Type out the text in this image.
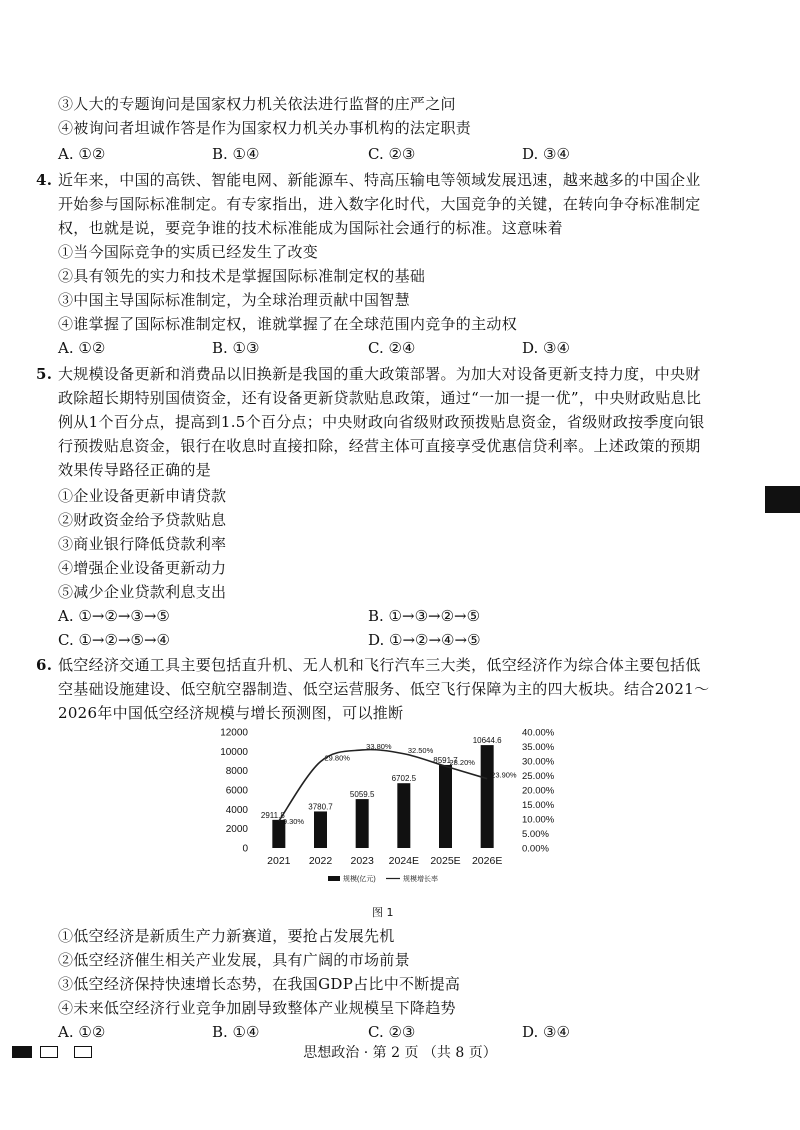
③人大的专题询问是国家权力机关依法进行监督的庄严之问
④被询问者坦诚作答是作为国家权力机关办事机构的法定职责
A. ①②	B. ①④	C. ②③	D. ③④
4. 近年来，中国的高铁、智能电网、新能源车、特高压输电等领域发展迅速，越来越多的中国企业
开始参与国际标准制定。有专家指出，进入数字化时代，大国竞争的关键，在转向争夺标准制定
权，也就是说，要竞争谁的技术标准能成为国际社会通行的标准。这意味着
①当今国际竞争的实质已经发生了改变
②具有领先的实力和技术是掌握国际标准制定权的基础
③中国主导国际标准制定，为全球治理贡献中国智慧
④谁掌握了国际标准制定权，谁就掌握了在全球范围内竞争的主动权
A. ①②	B. ①③	C. ②④	D. ③④
5. 大规模设备更新和消费品以旧换新是我国的重大政策部署。为加大对设备更新支持力度，中央财
政除超长期特别国债资金，还有设备更新贷款贴息政策，通过“一加一提一优”，中央财政贴息比
例从1个百分点，提高到1.5个百分点；中央财政向省级财政预拨贴息资金，省级财政按季度向银
行预拨贴息资金，银行在收息时直接扣除，经营主体可直接享受优惠信贷利率。上述政策的预期
效果传导路径正确的是
①企业设备更新申请贷款
②财政资金给予贷款贴息
③商业银行降低贷款利率
④增强企业设备更新动力
⑤减少企业贷款利息支出
A. ①→②→③→⑤	B. ①→③→②→⑤
C. ①→②→⑤→④	D. ①→②→④→⑤
6. 低空经济交通工具主要包括直升机、无人机和飞行汽车三大类，低空经济作为综合体主要包括低
空基础设施建设、低空航空器制造、低空运营服务、低空飞行保障为主的四大板块。结合2021～
2026年中国低空经济规模与增长预测图，可以推断
0
2000
4000
6000
8000
10000
12000
0.00%
5.00%
10.00%
15.00%
20.00%
25.00%
30.00%
35.00%
40.00%
2911.8
2021
3780.7
2022
5059.5
2023
6702.5
2024E
8591.7
2025E
10644.6
2026E
9.30%
29.80%
33.80% 32.50%
28.20%
23.90%
规模(亿元)	规模增长率
图 1
①低空经济是新质生产力新赛道，要抢占发展先机
②低空经济催生相关产业发展，具有广阔的市场前景
③低空经济保持快速增长态势，在我国GDP占比中不断提高
④未来低空经济行业竞争加剧导致整体产业规模呈下降趋势
A. ①②	B. ①④	C. ②③	D. ③④
思想政治 · 第 2 页 （共 8 页）
